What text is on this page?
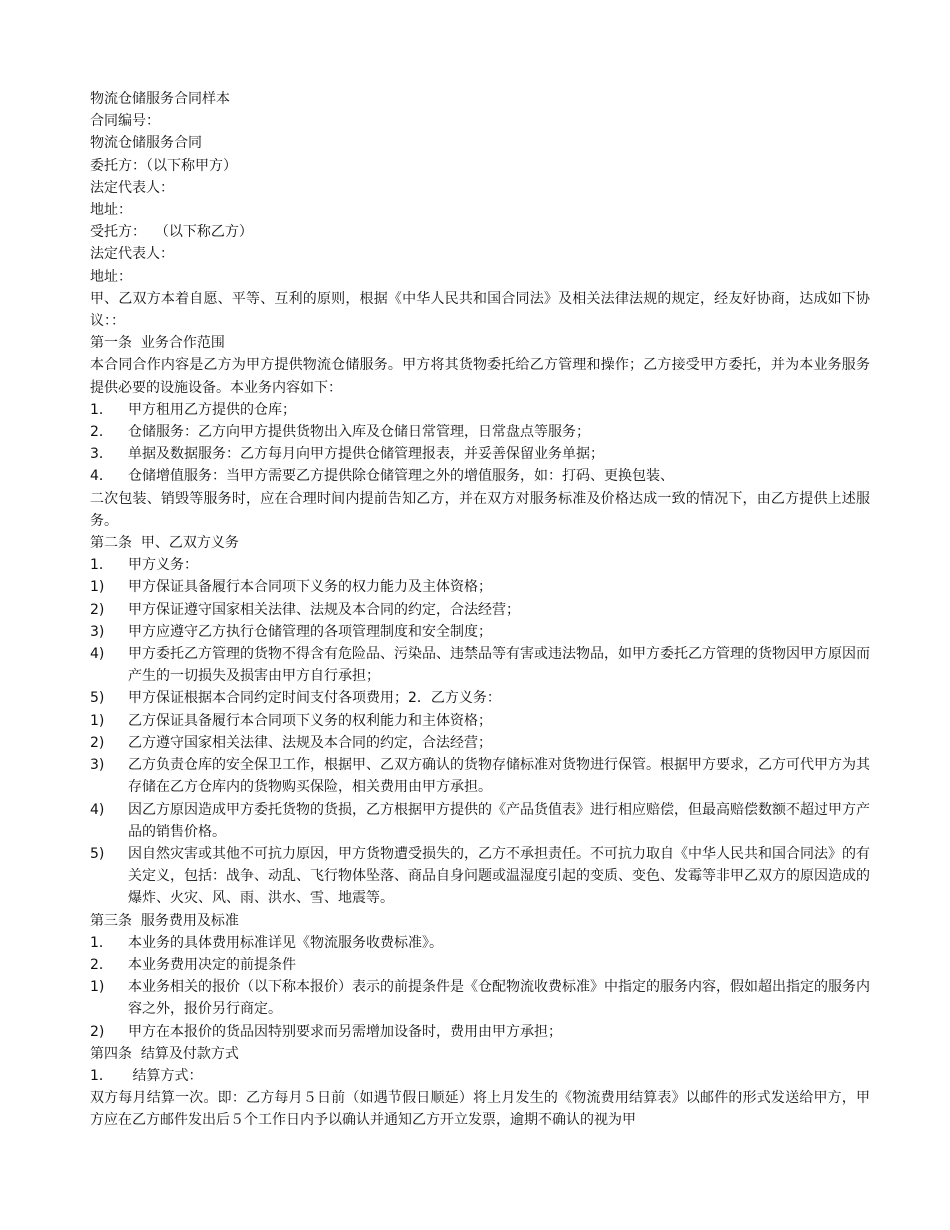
物流仓储服务合同样本
合同编号：
物流仓储服务合同
委托方：（以下称甲方）
法定代表人：
地址：
受托方：  （以下称乙方）
法定代表人：
地址：
甲、乙双方本着自愿、平等、互利的原则，根据《中华人民共和国合同法》及相关法律法规的规定，经友好协商，达成如下协议：：
第一条  业务合作范围
本合同合作内容是乙方为甲方提供物流仓储服务。甲方将其货物委托给乙方管理和操作；乙方接受甲方委托，并为本业务服务提供必要的设施设备。本业务内容如下：
1．	甲方租用乙方提供的仓库；
2．	仓储服务：乙方向甲方提供货物出入库及仓储日常管理，日常盘点等服务；
3．	单据及数据服务：乙方每月向甲方提供仓储管理报表，并妥善保留业务单据；
4．	仓储增值服务：当甲方需要乙方提供除仓储管理之外的增值服务，如：打码、更换包装、
二次包装、销毁等服务时，应在合理时间内提前告知乙方，并在双方对服务标准及价格达成一致的情况下，由乙方提供上述服务。
第二条  甲、乙双方义务
1．	甲方义务：
1)	甲方保证具备履行本合同项下义务的权力能力及主体资格；
2)	甲方保证遵守国家相关法律、法规及本合同的约定，合法经营；
3)	甲方应遵守乙方执行仓储管理的各项管理制度和安全制度；
4)	甲方委托乙方管理的货物不得含有危险品、污染品、违禁品等有害或违法物品，如甲方委托乙方管理的货物因甲方原因而产生的一切损失及损害由甲方自行承担；
5)	甲方保证根据本合同约定时间支付各项费用；2．乙方义务：
1)	乙方保证具备履行本合同项下义务的权利能力和主体资格；
2)	乙方遵守国家相关法律、法规及本合同的约定，合法经营；
3)	乙方负责仓库的安全保卫工作，根据甲、乙双方确认的货物存储标准对货物进行保管。根据甲方要求，乙方可代甲方为其存储在乙方仓库内的货物购买保险，相关费用由甲方承担。
4)	因乙方原因造成甲方委托货物的货损，乙方根据甲方提供的《产品货值表》进行相应赔偿，但最高赔偿数额不超过甲方产品的销售价格。
5)	因自然灾害或其他不可抗力原因，甲方货物遭受损失的，乙方不承担责任。不可抗力取自《中华人民共和国合同法》的有关定义，包括：战争、动乱、飞行物体坠落、商品自身问题或温湿度引起的变质、变色、发霉等非甲乙双方的原因造成的爆炸、火灾、风、雨、洪水、雪、地震等。
第三条  服务费用及标准
1．	本业务的具体费用标准详见《物流服务收费标准》。
2．	本业务费用决定的前提条件
1)	本业务相关的报价（以下称本报价）表示的前提条件是《仓配物流收费标准》中指定的服务内容，假如超出指定的服务内容之外，报价另行商定。
2)	甲方在本报价的货品因特别要求而另需增加设备时，费用由甲方承担；
第四条  结算及付款方式
1．	结算方式：
双方每月结算一次。即：乙方每月５日前（如遇节假日顺延）将上月发生的《物流费用结算表》以邮件的形式发送给甲方，甲方应在乙方邮件发出后５个工作日内予以确认并通知乙方开立发票，逾期不确认的视为甲
